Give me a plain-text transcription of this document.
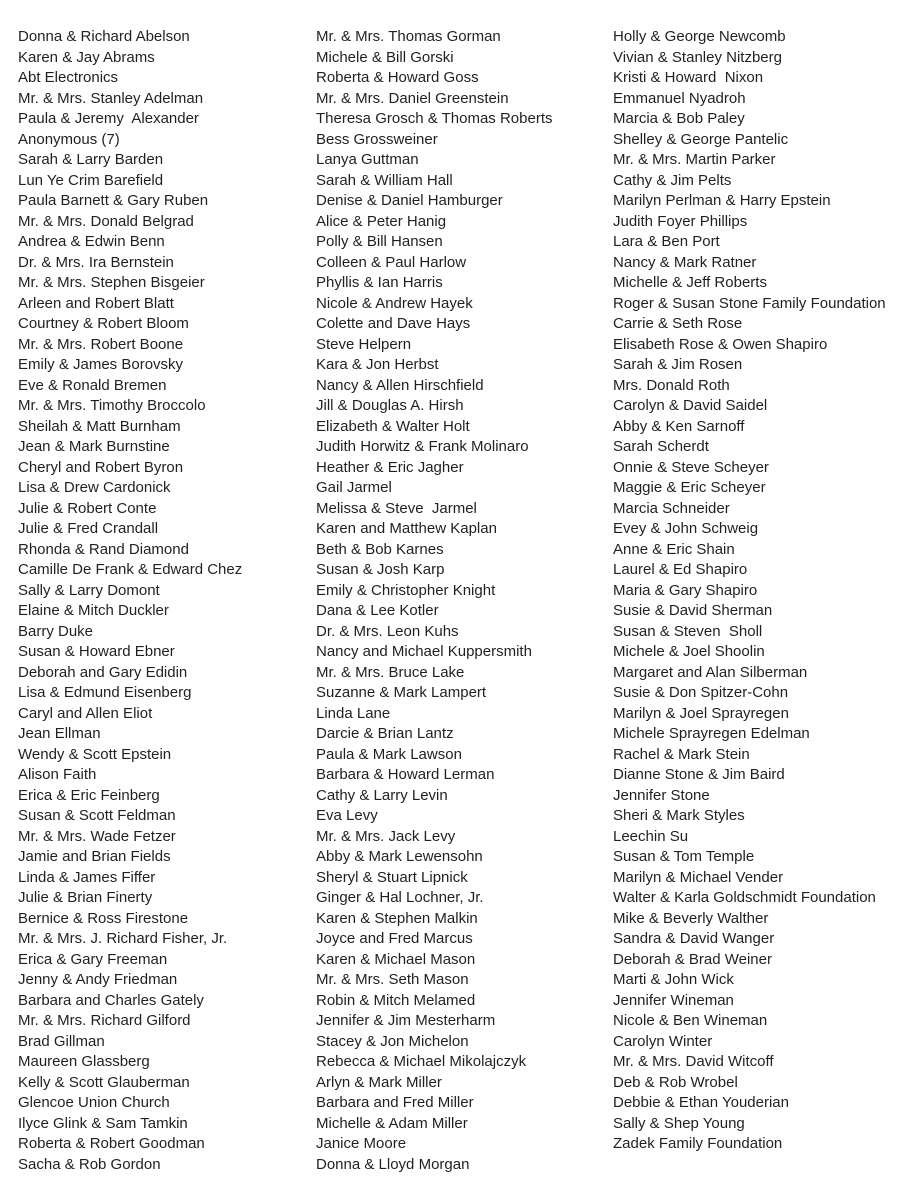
Donna & Richard Abelson
Karen & Jay Abrams
Abt Electronics
Mr. & Mrs. Stanley Adelman
Paula & Jeremy  Alexander
Anonymous (7)
Sarah & Larry Barden
Lun Ye Crim Barefield
Paula Barnett & Gary Ruben
Mr. & Mrs. Donald Belgrad
Andrea & Edwin Benn
Dr. & Mrs. Ira Bernstein
Mr. & Mrs. Stephen Bisgeier
Arleen and Robert Blatt
Courtney & Robert Bloom
Mr. & Mrs. Robert Boone
Emily & James Borovsky
Eve & Ronald Bremen
Mr. & Mrs. Timothy Broccolo
Sheilah & Matt Burnham
Jean & Mark Burnstine
Cheryl and Robert Byron
Lisa & Drew Cardonick
Julie & Robert Conte
Julie & Fred Crandall
Rhonda & Rand Diamond
Camille De Frank & Edward Chez
Sally & Larry Domont
Elaine & Mitch Duckler
Barry Duke
Susan & Howard Ebner
Deborah and Gary Edidin
Lisa & Edmund Eisenberg
Caryl and Allen Eliot
Jean Ellman
Wendy & Scott Epstein
Alison Faith
Erica & Eric Feinberg
Susan & Scott Feldman
Mr. & Mrs. Wade Fetzer
Jamie and Brian Fields
Linda & James Fiffer
Julie & Brian Finerty
Bernice & Ross Firestone
Mr. & Mrs. J. Richard Fisher, Jr.
Erica & Gary Freeman
Jenny & Andy Friedman
Barbara and Charles Gately
Mr. & Mrs. Richard Gilford
Brad Gillman
Maureen Glassberg
Kelly & Scott Glauberman
Glencoe Union Church
Ilyce Glink & Sam Tamkin
Roberta & Robert Goodman
Sacha & Rob Gordon
Mr. & Mrs. Thomas Gorman
Michele & Bill Gorski
Roberta & Howard Goss
Mr. & Mrs. Daniel Greenstein
Theresa Grosch & Thomas Roberts
Bess Grossweiner
Lanya Guttman
Sarah & William Hall
Denise & Daniel Hamburger
Alice & Peter Hanig
Polly & Bill Hansen
Colleen & Paul Harlow
Phyllis & Ian Harris
Nicole & Andrew Hayek
Colette and Dave Hays
Steve Helpern
Kara & Jon Herbst
Nancy & Allen Hirschfield
Jill & Douglas A. Hirsh
Elizabeth & Walter Holt
Judith Horwitz & Frank Molinaro
Heather & Eric Jagher
Gail Jarmel
Melissa & Steve  Jarmel
Karen and Matthew Kaplan
Beth & Bob Karnes
Susan & Josh Karp
Emily & Christopher Knight
Dana & Lee Kotler
Dr. & Mrs. Leon Kuhs
Nancy and Michael Kuppersmith
Mr. & Mrs. Bruce Lake
Suzanne & Mark Lampert
Linda Lane
Darcie & Brian Lantz
Paula & Mark Lawson
Barbara & Howard Lerman
Cathy & Larry Levin
Eva Levy
Mr. & Mrs. Jack Levy
Abby & Mark Lewensohn
Sheryl & Stuart Lipnick
Ginger & Hal Lochner, Jr.
Karen & Stephen Malkin
Joyce and Fred Marcus
Karen & Michael Mason
Mr. & Mrs. Seth Mason
Robin & Mitch Melamed
Jennifer & Jim Mesterharm
Stacey & Jon Michelon
Rebecca & Michael Mikolajczyk
Arlyn & Mark Miller
Barbara and Fred Miller
Michelle & Adam Miller
Janice Moore
Donna & Lloyd Morgan
Holly & George Newcomb
Vivian & Stanley Nitzberg
Kristi & Howard  Nixon
Emmanuel Nyadroh
Marcia & Bob Paley
Shelley & George Pantelic
Mr. & Mrs. Martin Parker
Cathy & Jim Pelts
Marilyn Perlman & Harry Epstein
Judith Foyer Phillips
Lara & Ben Port
Nancy & Mark Ratner
Michelle & Jeff Roberts
Roger & Susan Stone Family Foundation
Carrie & Seth Rose
Elisabeth Rose & Owen Shapiro
Sarah & Jim Rosen
Mrs. Donald Roth
Carolyn & David Saidel
Abby & Ken Sarnoff
Sarah Scherdt
Onnie & Steve Scheyer
Maggie & Eric Scheyer
Marcia Schneider
Evey & John Schweig
Anne & Eric Shain
Laurel & Ed Shapiro
Maria & Gary Shapiro
Susie & David Sherman
Susan & Steven  Sholl
Michele & Joel Shoolin
Margaret and Alan Silberman
Susie & Don Spitzer-Cohn
Marilyn & Joel Sprayregen
Michele Sprayregen Edelman
Rachel & Mark Stein
Dianne Stone & Jim Baird
Jennifer Stone
Sheri & Mark Styles
Leechin Su
Susan & Tom Temple
Marilyn & Michael Vender
Walter & Karla Goldschmidt Foundation
Mike & Beverly Walther
Sandra & David Wanger
Deborah & Brad Weiner
Marti & John Wick
Jennifer Wineman
Nicole & Ben Wineman
Carolyn Winter
Mr. & Mrs. David Witcoff
Deb & Rob Wrobel
Debbie & Ethan Youderian
Sally & Shep Young
Zadek Family Foundation
